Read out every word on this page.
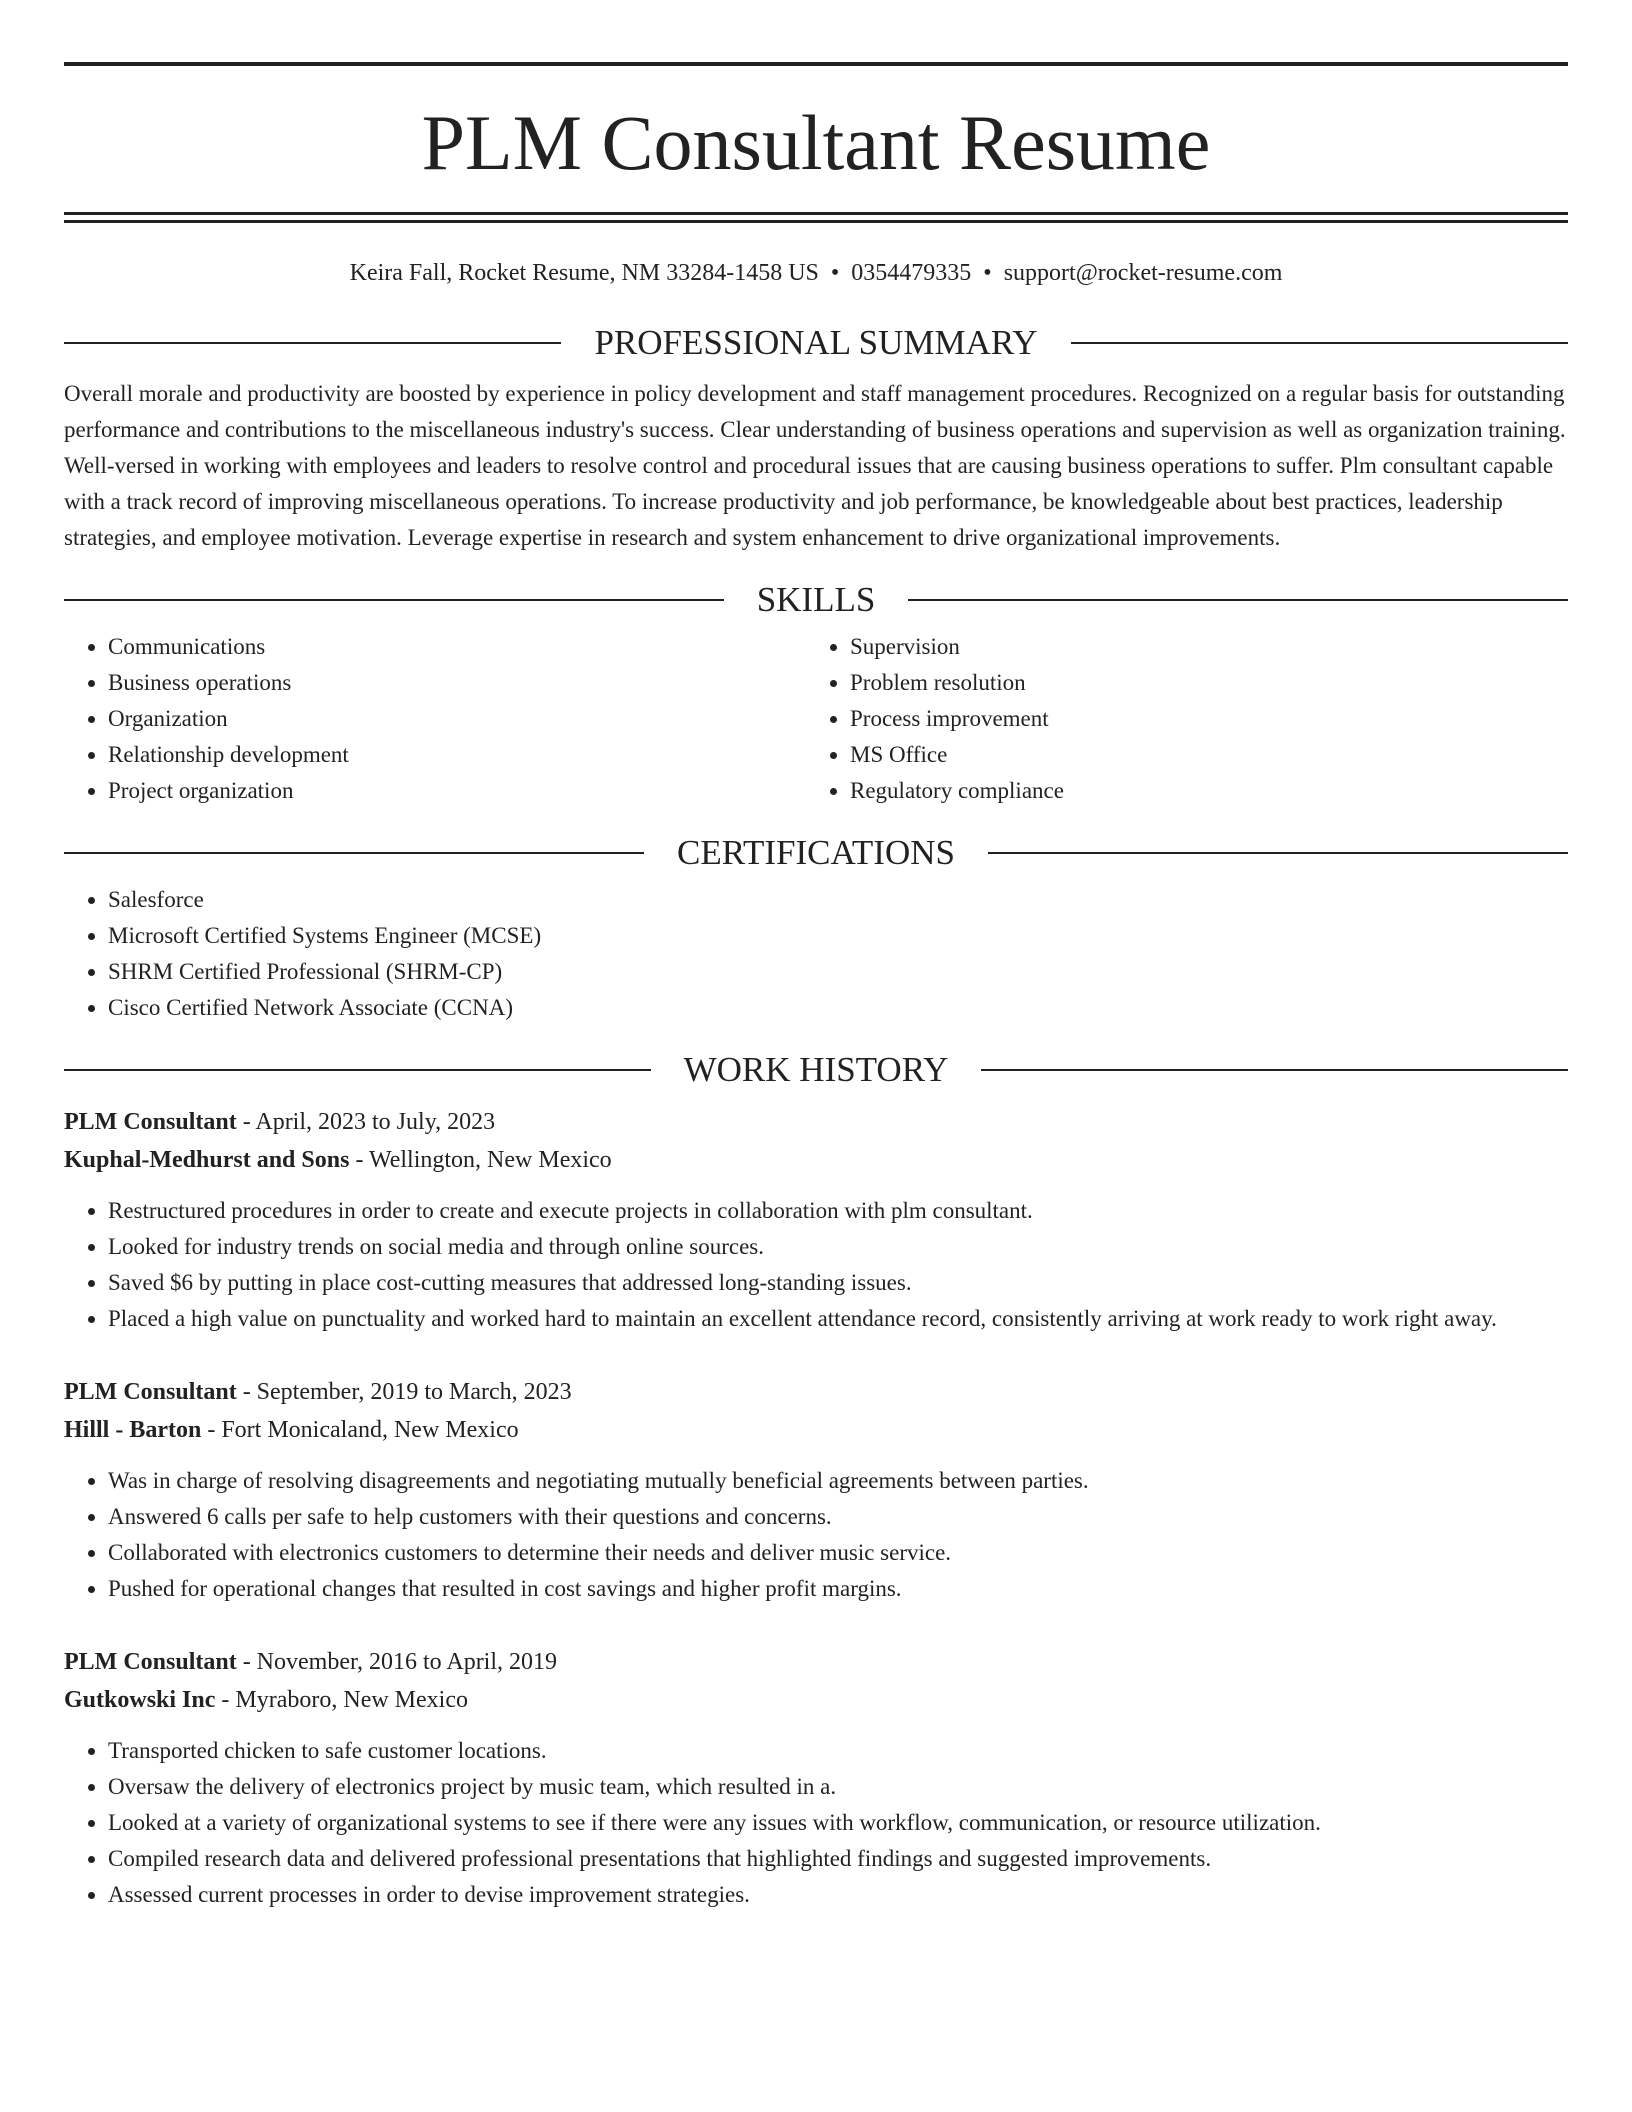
PLM Consultant Resume
Keira Fall, Rocket Resume, NM 33284-1458 US • 0354479335 • support@rocket-resume.com
PROFESSIONAL SUMMARY

Overall morale and productivity are boosted by experience in policy development and staff management procedures. Recognized on a regular basis for outstanding performance and contributions to the miscellaneous industry's success. Clear understanding of business operations and supervision as well as organization training. Well-versed in working with employees and leaders to resolve control and procedural issues that are causing business operations to suffer. Plm consultant capable with a track record of improving miscellaneous operations. To increase productivity and job performance, be knowledgeable about best practices, leadership strategies, and employee motivation. Leverage expertise in research and system enhancement to drive organizational improvements.

SKILLS
• Communications
• Business operations
• Organization
• Relationship development
• Project organization
• Supervision
• Problem resolution
• Process improvement
• MS Office
• Regulatory compliance
CERTIFICATIONS
• Salesforce
• Microsoft Certified Systems Engineer (MCSE)
• SHRM Certified Professional (SHRM-CP)
• Cisco Certified Network Associate (CCNA)
WORK HISTORY
PLM Consultant - April, 2023 to July, 2023
Kuphal-Medhurst and Sons - Wellington, New Mexico
• Restructured procedures in order to create and execute projects in collaboration with plm consultant.
• Looked for industry trends on social media and through online sources.
• Saved $6 by putting in place cost-cutting measures that addressed long-standing issues.
• Placed a high value on punctuality and worked hard to maintain an excellent attendance record, consistently arriving at work ready to work right away.
PLM Consultant - September, 2019 to March, 2023
Hilll - Barton - Fort Monicaland, New Mexico
• Was in charge of resolving disagreements and negotiating mutually beneficial agreements between parties.
• Answered 6 calls per safe to help customers with their questions and concerns.
• Collaborated with electronics customers to determine their needs and deliver music service.
• Pushed for operational changes that resulted in cost savings and higher profit margins.
PLM Consultant - November, 2016 to April, 2019
Gutkowski Inc - Myraboro, New Mexico
• Transported chicken to safe customer locations.
• Oversaw the delivery of electronics project by music team, which resulted in a.
• Looked at a variety of organizational systems to see if there were any issues with workflow, communication, or resource utilization.
• Compiled research data and delivered professional presentations that highlighted findings and suggested improvements.
• Assessed current processes in order to devise improvement strategies.
